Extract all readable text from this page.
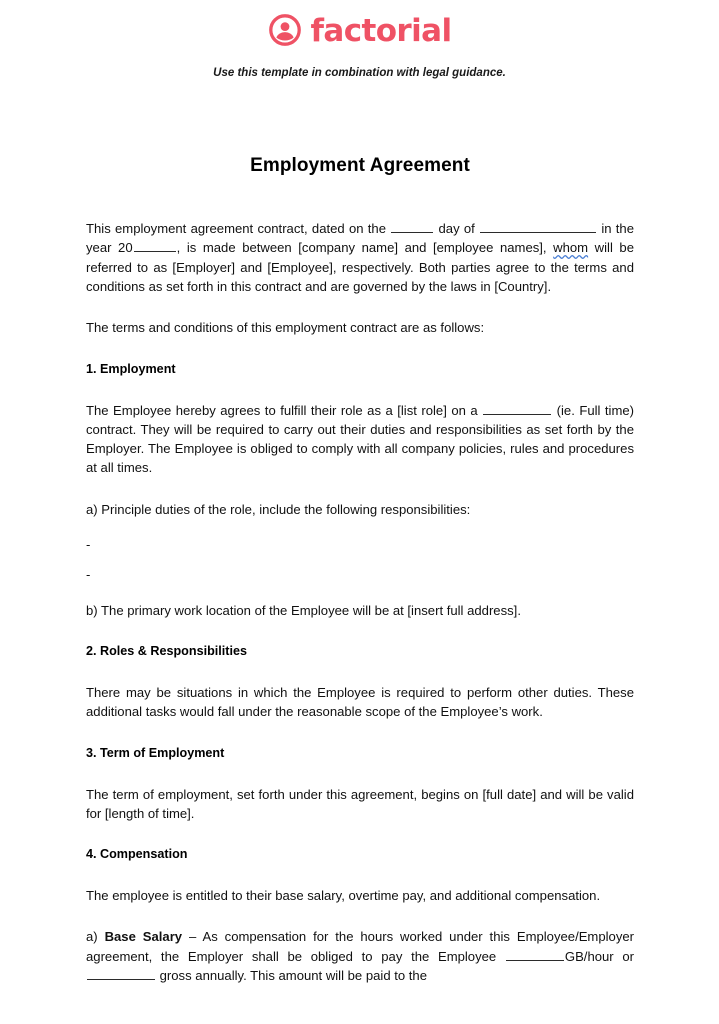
factorial
Use this template in combination with legal guidance.
Employment Agreement

This employment agreement contract, dated on the	day of	in the year 20	, is made between [company name] and [employee names], whom will be referred to as [Employer] and [Employee], respectively. Both parties agree to the terms and conditions as set forth in this contract and are governed by the laws in [Country].

The terms and conditions of this employment contract are as follows:

1. Employment

The Employee hereby agrees to fulfill their role as a [list role] on a	(ie. Full time) contract. They will be required to carry out their duties and responsibilities as set forth by the Employer. The Employee is obliged to comply with all company policies, rules and procedures at all times.

a) Principle duties of the role, include the following responsibilities:

-
-

b) The primary work location of the Employee will be at [insert full address].

2. Roles & Responsibilities

There may be situations in which the Employee is required to perform other duties. These additional tasks would fall under the reasonable scope of the Employee’s work.

3. Term of Employment

The term of employment, set forth under this agreement, begins on [full date] and will be valid for [length of time].

4. Compensation

The employee is entitled to their base salary, overtime pay, and additional compensation.

a) Base Salary – As compensation for the hours worked under this Employee/Employer agreement, the Employer shall be obliged to pay the Employee	GB/hour or  gross annually. This amount will be paid to the
